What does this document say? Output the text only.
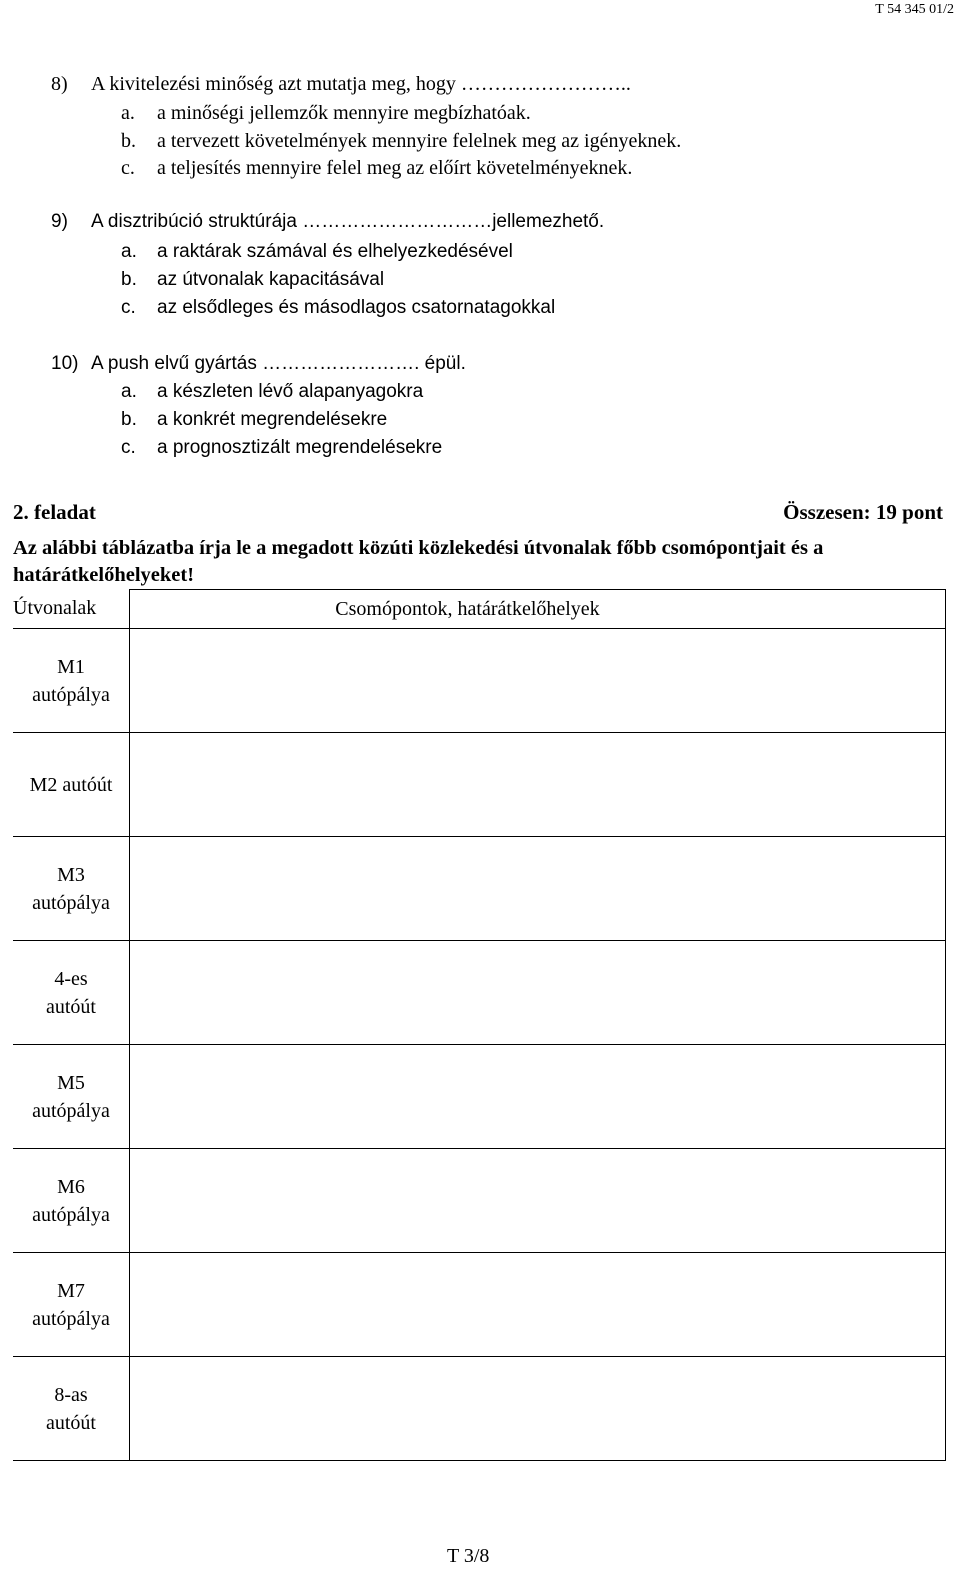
T 54 345 01/2
8) A kivitelezési minőség azt mutatja meg, hogy ……………………..
a. a minőségi jellemzők mennyire megbízhatóak.
b. a tervezett követelmények mennyire felelnek meg az igényeknek.
c. a teljesítés mennyire felel meg az előírt követelményeknek.
9) A disztribúció struktúrája …………………………jellemezhető.
a. a raktárak számával és elhelyezkedésével
b. az útvonalak kapacitásával
c. az elsődleges és másodlagos csatornatagokkal
10) A push elvű gyártás ……………………. épül.
a. a készleten lévő alapanyagokra
b. a konkrét megrendelésekre
c. a prognosztizált megrendelésekre
2. feladat	Összesen: 19 pont
Az alábbi táblázatba írja le a megadott közúti közlekedési útvonalak főbb csomópontjait és a határátkelőhelyeket!
Útvonalak	Csomópontok, határátkelőhelyek

M1
autópálya	

M2 autóút	

M3
autópálya	

4-es
autóút	

M5
autópálya	

M6
autópálya	

M7
autópálya	

8-as
autóút	

T 3/8
